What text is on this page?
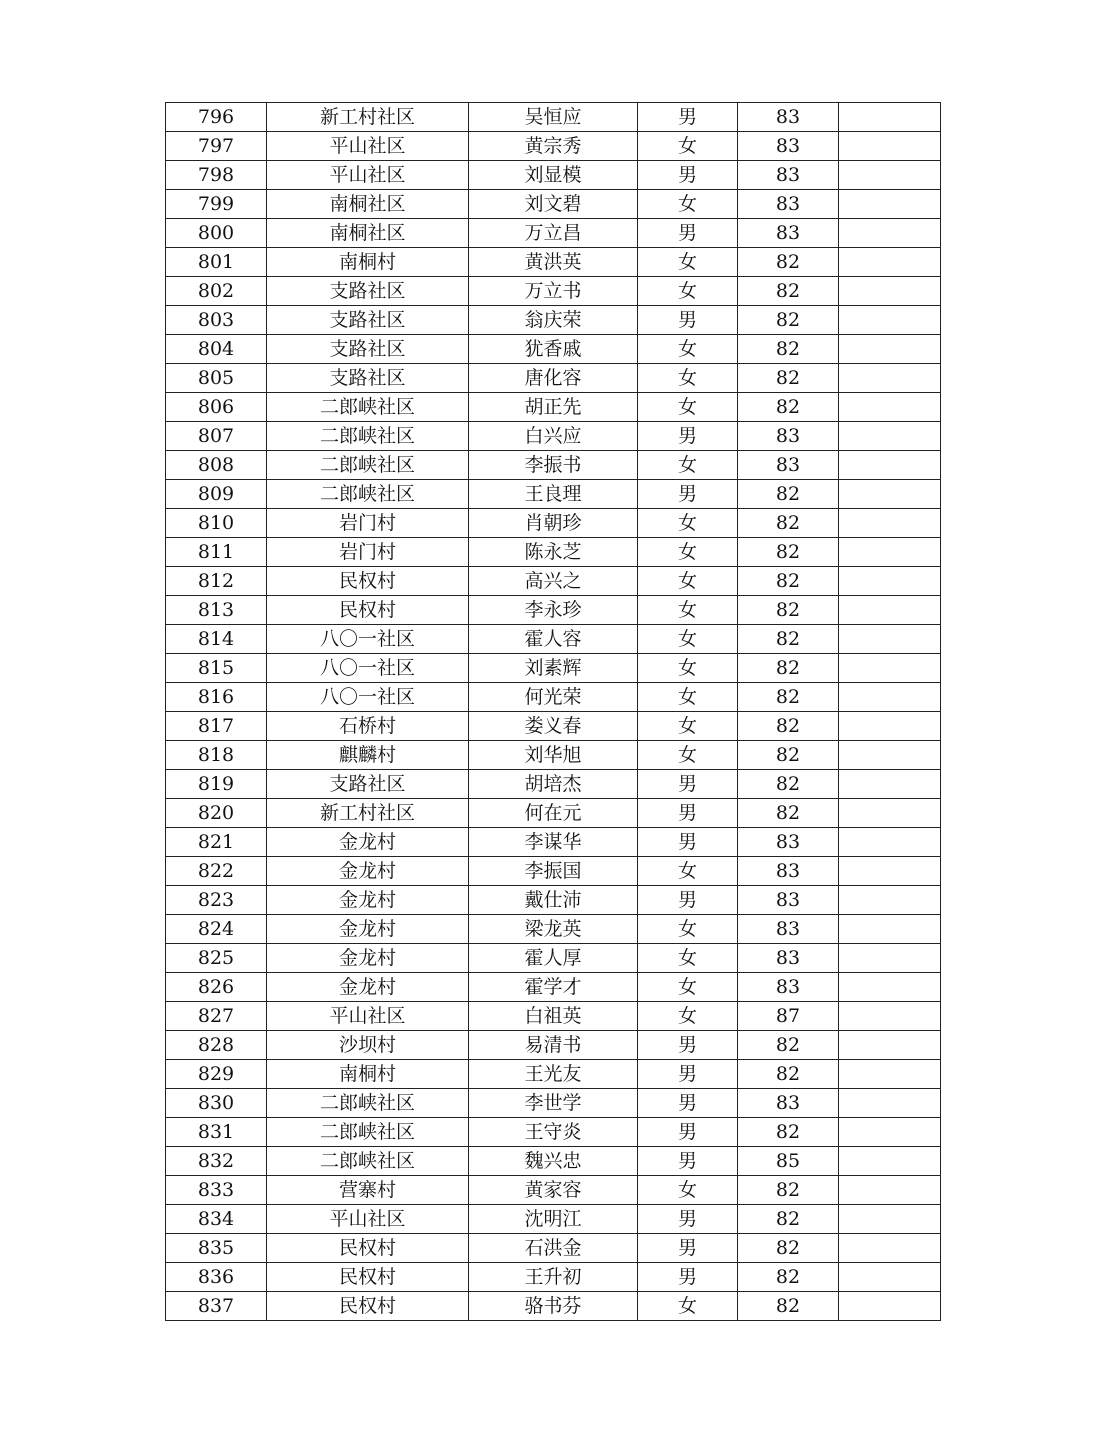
796	新工村社区	吴恒应	男	83	
797	平山社区	黄宗秀	女	83	
798	平山社区	刘显模	男	83	
799	南桐社区	刘文碧	女	83	
800	南桐社区	万立昌	男	83	
801	南桐村	黄洪英	女	82	
802	支路社区	万立书	女	82	
803	支路社区	翁庆荣	男	82	
804	支路社区	犹香戚	女	82	
805	支路社区	唐化容	女	82	
806	二郎峡社区	胡正先	女	82	
807	二郎峡社区	白兴应	男	83	
808	二郎峡社区	李振书	女	83	
809	二郎峡社区	王良理	男	82	
810	岩门村	肖朝珍	女	82	
811	岩门村	陈永芝	女	82	
812	民权村	高兴之	女	82	
813	民权村	李永珍	女	82	
814	八〇一社区	霍人容	女	82	
815	八〇一社区	刘素辉	女	82	
816	八〇一社区	何光荣	女	82	
817	石桥村	娄义春	女	82	
818	麒麟村	刘华旭	女	82	
819	支路社区	胡培杰	男	82	
820	新工村社区	何在元	男	82	
821	金龙村	李谋华	男	83	
822	金龙村	李振国	女	83	
823	金龙村	戴仕沛	男	83	
824	金龙村	梁龙英	女	83	
825	金龙村	霍人厚	女	83	
826	金龙村	霍学才	女	83	
827	平山社区	白祖英	女	87	
828	沙坝村	易清书	男	82	
829	南桐村	王光友	男	82	
830	二郎峡社区	李世学	男	83	
831	二郎峡社区	王守炎	男	82	
832	二郎峡社区	魏兴忠	男	85	
833	营寨村	黄家容	女	82	
834	平山社区	沈明江	男	82	
835	民权村	石洪金	男	82	
836	民权村	王升初	男	82	
837	民权村	骆书芬	女	82	
